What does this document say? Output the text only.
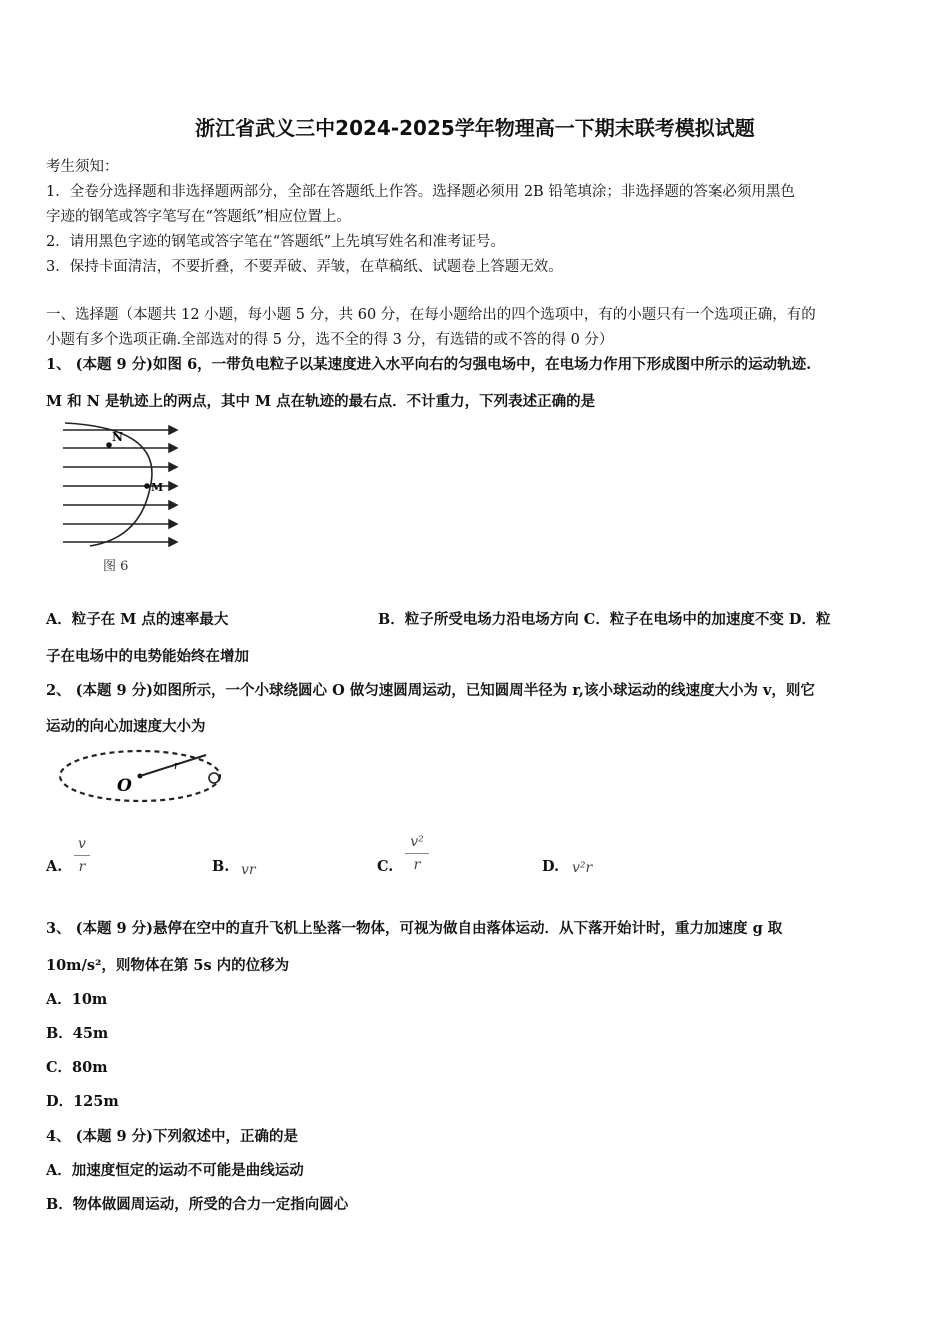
浙江省武义三中2024-2025学年物理高一下期末联考模拟试题
考生须知：
1．全卷分选择题和非选择题两部分，全部在答题纸上作答。选择题必须用 2B 铅笔填涂；非选择题的答案必须用黑色
字迹的钢笔或答字笔写在“答题纸”相应位置上。
2．请用黑色字迹的钢笔或答字笔在“答题纸”上先填写姓名和准考证号。
3．保持卡面清洁，不要折叠，不要弄破、弄皱，在草稿纸、试题卷上答题无效。
一、选择题（本题共 12 小题，每小题 5 分，共 60 分，在每小题给出的四个选项中，有的小题只有一个选项正确，有的
小题有多个选项正确.全部选对的得 5 分，选不全的得 3 分，有选错的或不答的得 0 分）
1、 (本题 9 分)如图 6，一带负电粒子以某速度进入水平向右的匀强电场中，在电场力作用下形成图中所示的运动轨迹.
M 和 N 是轨迹上的两点，其中 M 点在轨迹的最右点．不计重力，下列表述正确的是
N
M
图 6
A．粒子在 M 点的速率最大	B．粒子所受电场力沿电场方向 C．粒子在电场中的加速度不变 D．粒
子在电场中的电势能始终在增加
2、 (本题 9 分)如图所示，一个小球绕圆心 O 做匀速圆周运动，已知圆周半径为 r,该小球运动的线速度大小为 v，则它
运动的向心加速度大小为
O
r
A.
v
r	B. vr	C.
v²
r	D. v²r
3、 (本题 9 分)悬停在空中的直升飞机上坠落一物体，可视为做自由落体运动．从下落开始计时，重力加速度 g 取
10m/s²，则物体在第 5s 内的位移为
A．10m
B．45m
C．80m
D．125m
4、 (本题 9 分)下列叙述中，正确的是
A．加速度恒定的运动不可能是曲线运动
B．物体做圆周运动，所受的合力一定指向圆心
